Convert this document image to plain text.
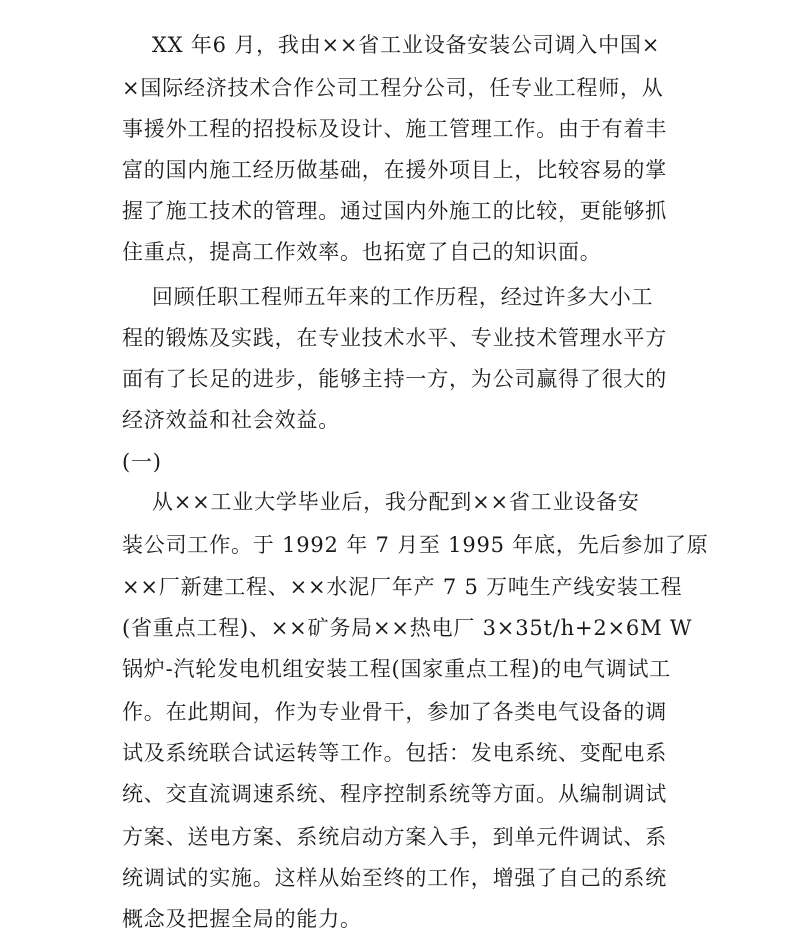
XX 年6 月，我由××省工业设备安装公司调入中国×
×国际经济技术合作公司工程分公司，任专业工程师，从
事援外工程的招投标及设计、施工管理工作。由于有着丰
富的国内施工经历做基础，在援外项目上，比较容易的掌
握了施工技术的管理。通过国内外施工的比较，更能够抓
住重点，提高工作效率。也拓宽了自己的知识面。
回顾任职工程师五年来的工作历程，经过许多大小工
程的锻炼及实践，在专业技术水平、专业技术管理水平方
面有了长足的进步，能够主持一方，为公司赢得了很大的
经济效益和社会效益。
(一)
从××工业大学毕业后，我分配到××省工业设备安
装公司工作。于 1992 年 7 月至 1995 年底，先后参加了原
××厂新建工程、××水泥厂年产 7 5 万吨生产线安装工程
(省重点工程)、××矿务局××热电厂 3×35t/h+2×6M W
锅炉-汽轮发电机组安装工程(国家重点工程)的电气调试工
作。在此期间，作为专业骨干，参加了各类电气设备的调
试及系统联合试运转等工作。包括：发电系统、变配电系
统、交直流调速系统、程序控制系统等方面。从编制调试
方案、送电方案、系统启动方案入手，到单元件调试、系
统调试的实施。这样从始至终的工作，增强了自己的系统
概念及把握全局的能力。
